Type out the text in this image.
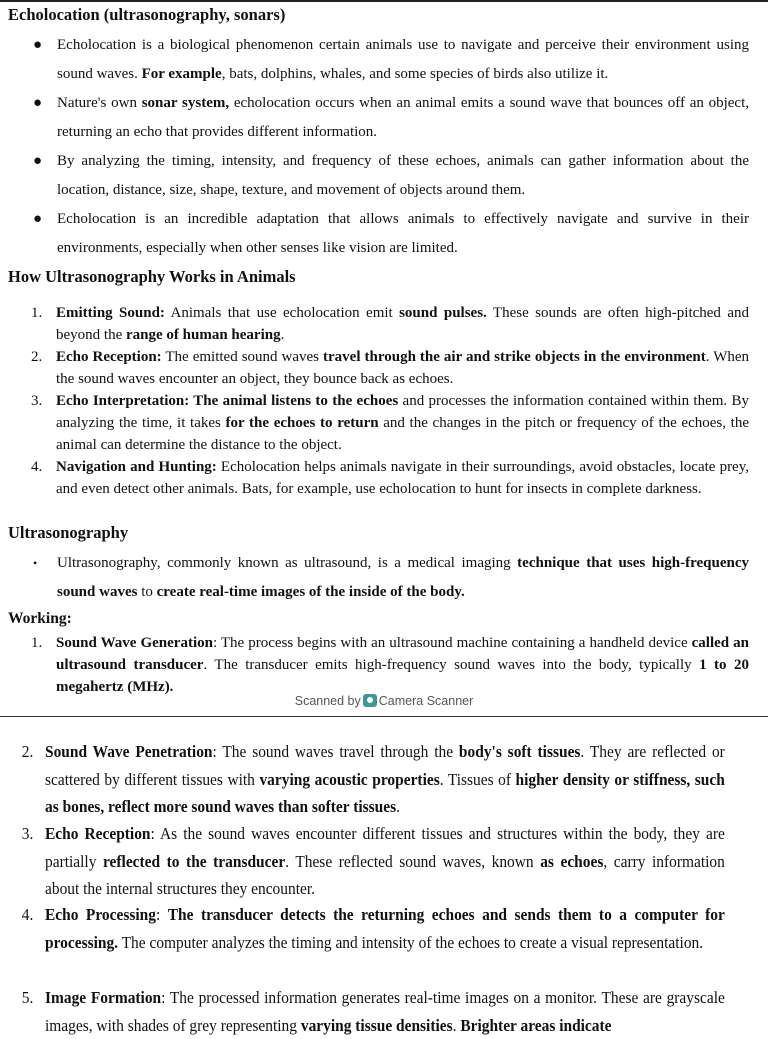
Echolocation (ultrasonography, sonars)
● Echolocation is a biological phenomenon certain animals use to navigate and perceive their environment using sound waves. For example, bats, dolphins, whales, and some species of birds also utilize it.
● Nature's own sonar system, echolocation occurs when an animal emits a sound wave that bounces off an object, returning an echo that provides different information.
● By analyzing the timing, intensity, and frequency of these echoes, animals can gather information about the location, distance, size, shape, texture, and movement of objects around them.
● Echolocation is an incredible adaptation that allows animals to effectively navigate and survive in their environments, especially when other senses like vision are limited.
How Ultrasonography Works in Animals
1. Emitting Sound: Animals that use echolocation emit sound pulses. These sounds are often high-pitched and beyond the range of human hearing.
2. Echo Reception: The emitted sound waves travel through the air and strike objects in the environment. When the sound waves encounter an object, they bounce back as echoes.
3. Echo Interpretation: The animal listens to the echoes and processes the information contained within them. By analyzing the time, it takes for the echoes to return and the changes in the pitch or frequency of the echoes, the animal can determine the distance to the object.
4. Navigation and Hunting: Echolocation helps animals navigate in their surroundings, avoid obstacles, locate prey, and even detect other animals. Bats, for example, use echolocation to hunt for insects in complete darkness.
Ultrasonography
• Ultrasonography, commonly known as ultrasound, is a medical imaging technique that uses high-frequency sound waves to create real-time images of the inside of the body.
Working:
1. Sound Wave Generation: The process begins with an ultrasound machine containing a handheld device called an ultrasound transducer. The transducer emits high-frequency sound waves into the body, typically 1 to 20 megahertz (MHz).
Scanned by Camera Scanner
2. Sound Wave Penetration: The sound waves travel through the body's soft tissues. They are reflected or scattered by different tissues with varying acoustic properties. Tissues of higher density or stiffness, such as bones, reflect more sound waves than softer tissues.
3. Echo Reception: As the sound waves encounter different tissues and structures within the body, they are partially reflected to the transducer. These reflected sound waves, known as echoes, carry information about the internal structures they encounter.
4. Echo Processing: The transducer detects the returning echoes and sends them to a computer for processing. The computer analyzes the timing and intensity of the echoes to create a visual representation.
5. Image Formation: The processed information generates real-time images on a monitor. These are grayscale images, with shades of grey representing varying tissue densities. Brighter areas indicate
